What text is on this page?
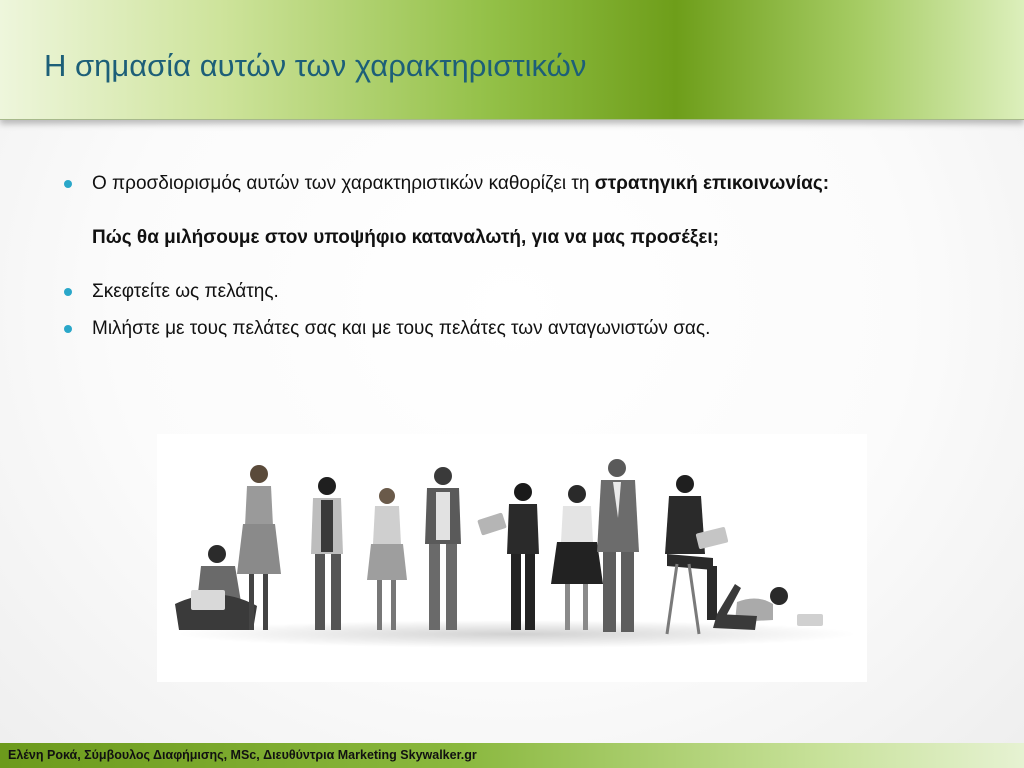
Η σημασία αυτών των χαρακτηριστικών
Ο προσδιορισμός αυτών των χαρακτηριστικών καθορίζει τη στρατηγική επικοινωνίας:
Πώς θα μιλήσουμε στον υποψήφιο καταναλωτή, για να μας προσέξει;
Σκεφτείτε ως πελάτης.
Μιλήστε με τους πελάτες σας και με τους πελάτες των ανταγωνιστών σας.
Ελένη Ροκά, Σύμβουλος Διαφήμισης, MSc, Διευθύντρια Marketing Skywalker.gr
